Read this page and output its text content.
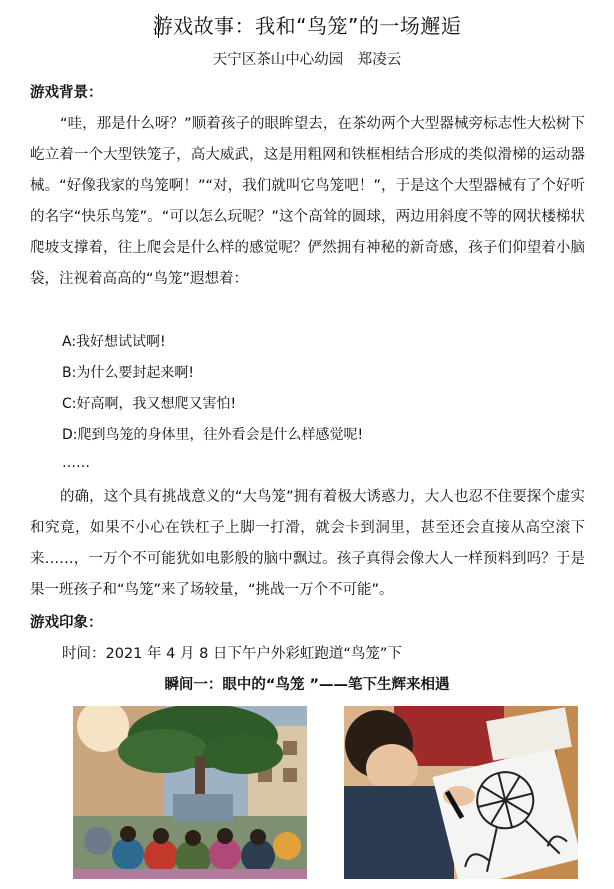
游戏故事：我和“鸟笼”的一场邂逅
天宁区茶山中心幼园　郑凌云
游戏背景：

“哇，那是什么呀？”顺着孩子的眼眸望去，在茶幼两个大型器械旁标志性大松树下屹立着一个大型铁笼子，高大威武，这是用粗网和铁框相结合形成的类似滑梯的运动器械。“好像我家的鸟笼啊！”“对，我们就叫它鸟笼吧！”，于是这个大型器械有了个好听的名字“快乐鸟笼”。“可以怎么玩呢？”这个高耸的圆球，两边用斜度不等的网状楼梯状爬坡支撑着，往上爬会是什么样的感觉呢？俨然拥有神秘的新奇感，孩子们仰望着小脑袋，注视着高高的“鸟笼”遐想着：

A:我好想试试啊!
B:为什么要封起来啊!
C:好高啊，我又想爬又害怕!
D:爬到鸟笼的身体里，往外看会是什么样感觉呢!
……

的确，这个具有挑战意义的“大鸟笼”拥有着极大诱惑力，大人也忍不住要探个虚实和究竟，如果不小心在铁杠子上脚一打滑，就会卡到洞里，甚至还会直接从高空滚下来……，一万个不可能犹如电影般的脑中飘过。孩子真得会像大人一样预料到吗？于是果一班孩子和“鸟笼”来了场较量，“挑战一万个不可能”。

游戏印象：
时间：2021 年 4 月 8 日下午户外彩虹跑道“鸟笼”下
瞬间一：眼中的“鸟笼 ”——笔下生辉来相遇
